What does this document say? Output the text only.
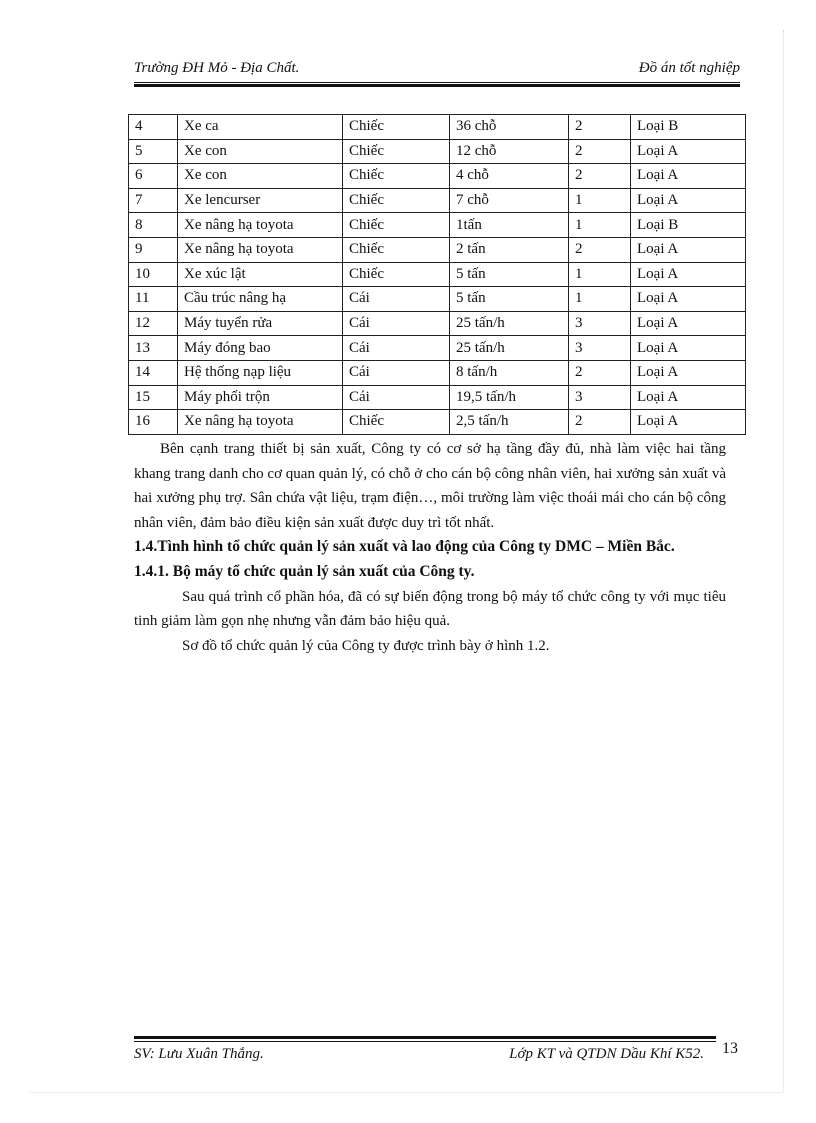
Trường ĐH Mỏ - Địa Chất.	Đồ án tốt nghiệp
4	Xe ca	Chiếc	36 chỗ	2	Loại B
5	Xe con	Chiếc	12 chỗ	2	Loại A
6	Xe con	Chiếc	4 chỗ	2	Loại A
7	Xe lencurser	Chiếc	7 chỗ	1	Loại A
8	Xe nâng hạ toyota	Chiếc	1tấn	1	Loại B
9	Xe nâng hạ toyota	Chiếc	2 tấn	2	Loại A
10	Xe xúc lật	Chiếc	5 tấn	1	Loại A
11	Cầu trúc nâng hạ	Cái	5 tấn	1	Loại A
12	Máy tuyển rửa	Cái	25 tấn/h	3	Loại A
13	Máy đóng bao	Cái	25 tấn/h	3	Loại A
14	Hệ thống nạp liệu	Cái	8 tấn/h	2	Loại A
15	Máy phối trộn	Cái	19,5 tấn/h	3	Loại A
16	Xe nâng hạ toyota	Chiếc	2,5 tấn/h	2	Loại A

Bên cạnh trang thiết bị sản xuất, Công ty có cơ sở hạ tầng đầy đủ, nhà làm việc hai tầng khang trang danh cho cơ quan quản lý, có chỗ ở cho cán bộ công nhân viên, hai xưởng sản xuất và hai xưởng phụ trợ. Sân chứa vật liệu, trạm điện…, môi trường làm việc thoái mái cho cán bộ công nhân viên, đảm bảo điều kiện sản xuất được duy trì tốt nhất.

1.4.Tình hình tổ chức quản lý sản xuất và lao động của Công ty DMC – Miền Bắc.

1.4.1. Bộ máy tổ chức quản lý sản xuất của Công ty.

Sau quá trình cổ phần hóa, đã có sự biến động trong bộ máy tổ chức công ty với mục tiêu tinh giảm làm gọn nhẹ nhưng vẫn đảm bảo hiệu quả.

Sơ đồ tổ chức quản lý của Công ty được trình bày ở hình 1.2.

SV: Lưu Xuân Thắng.	Lớp KT và QTDN Dầu Khí K52. 13
